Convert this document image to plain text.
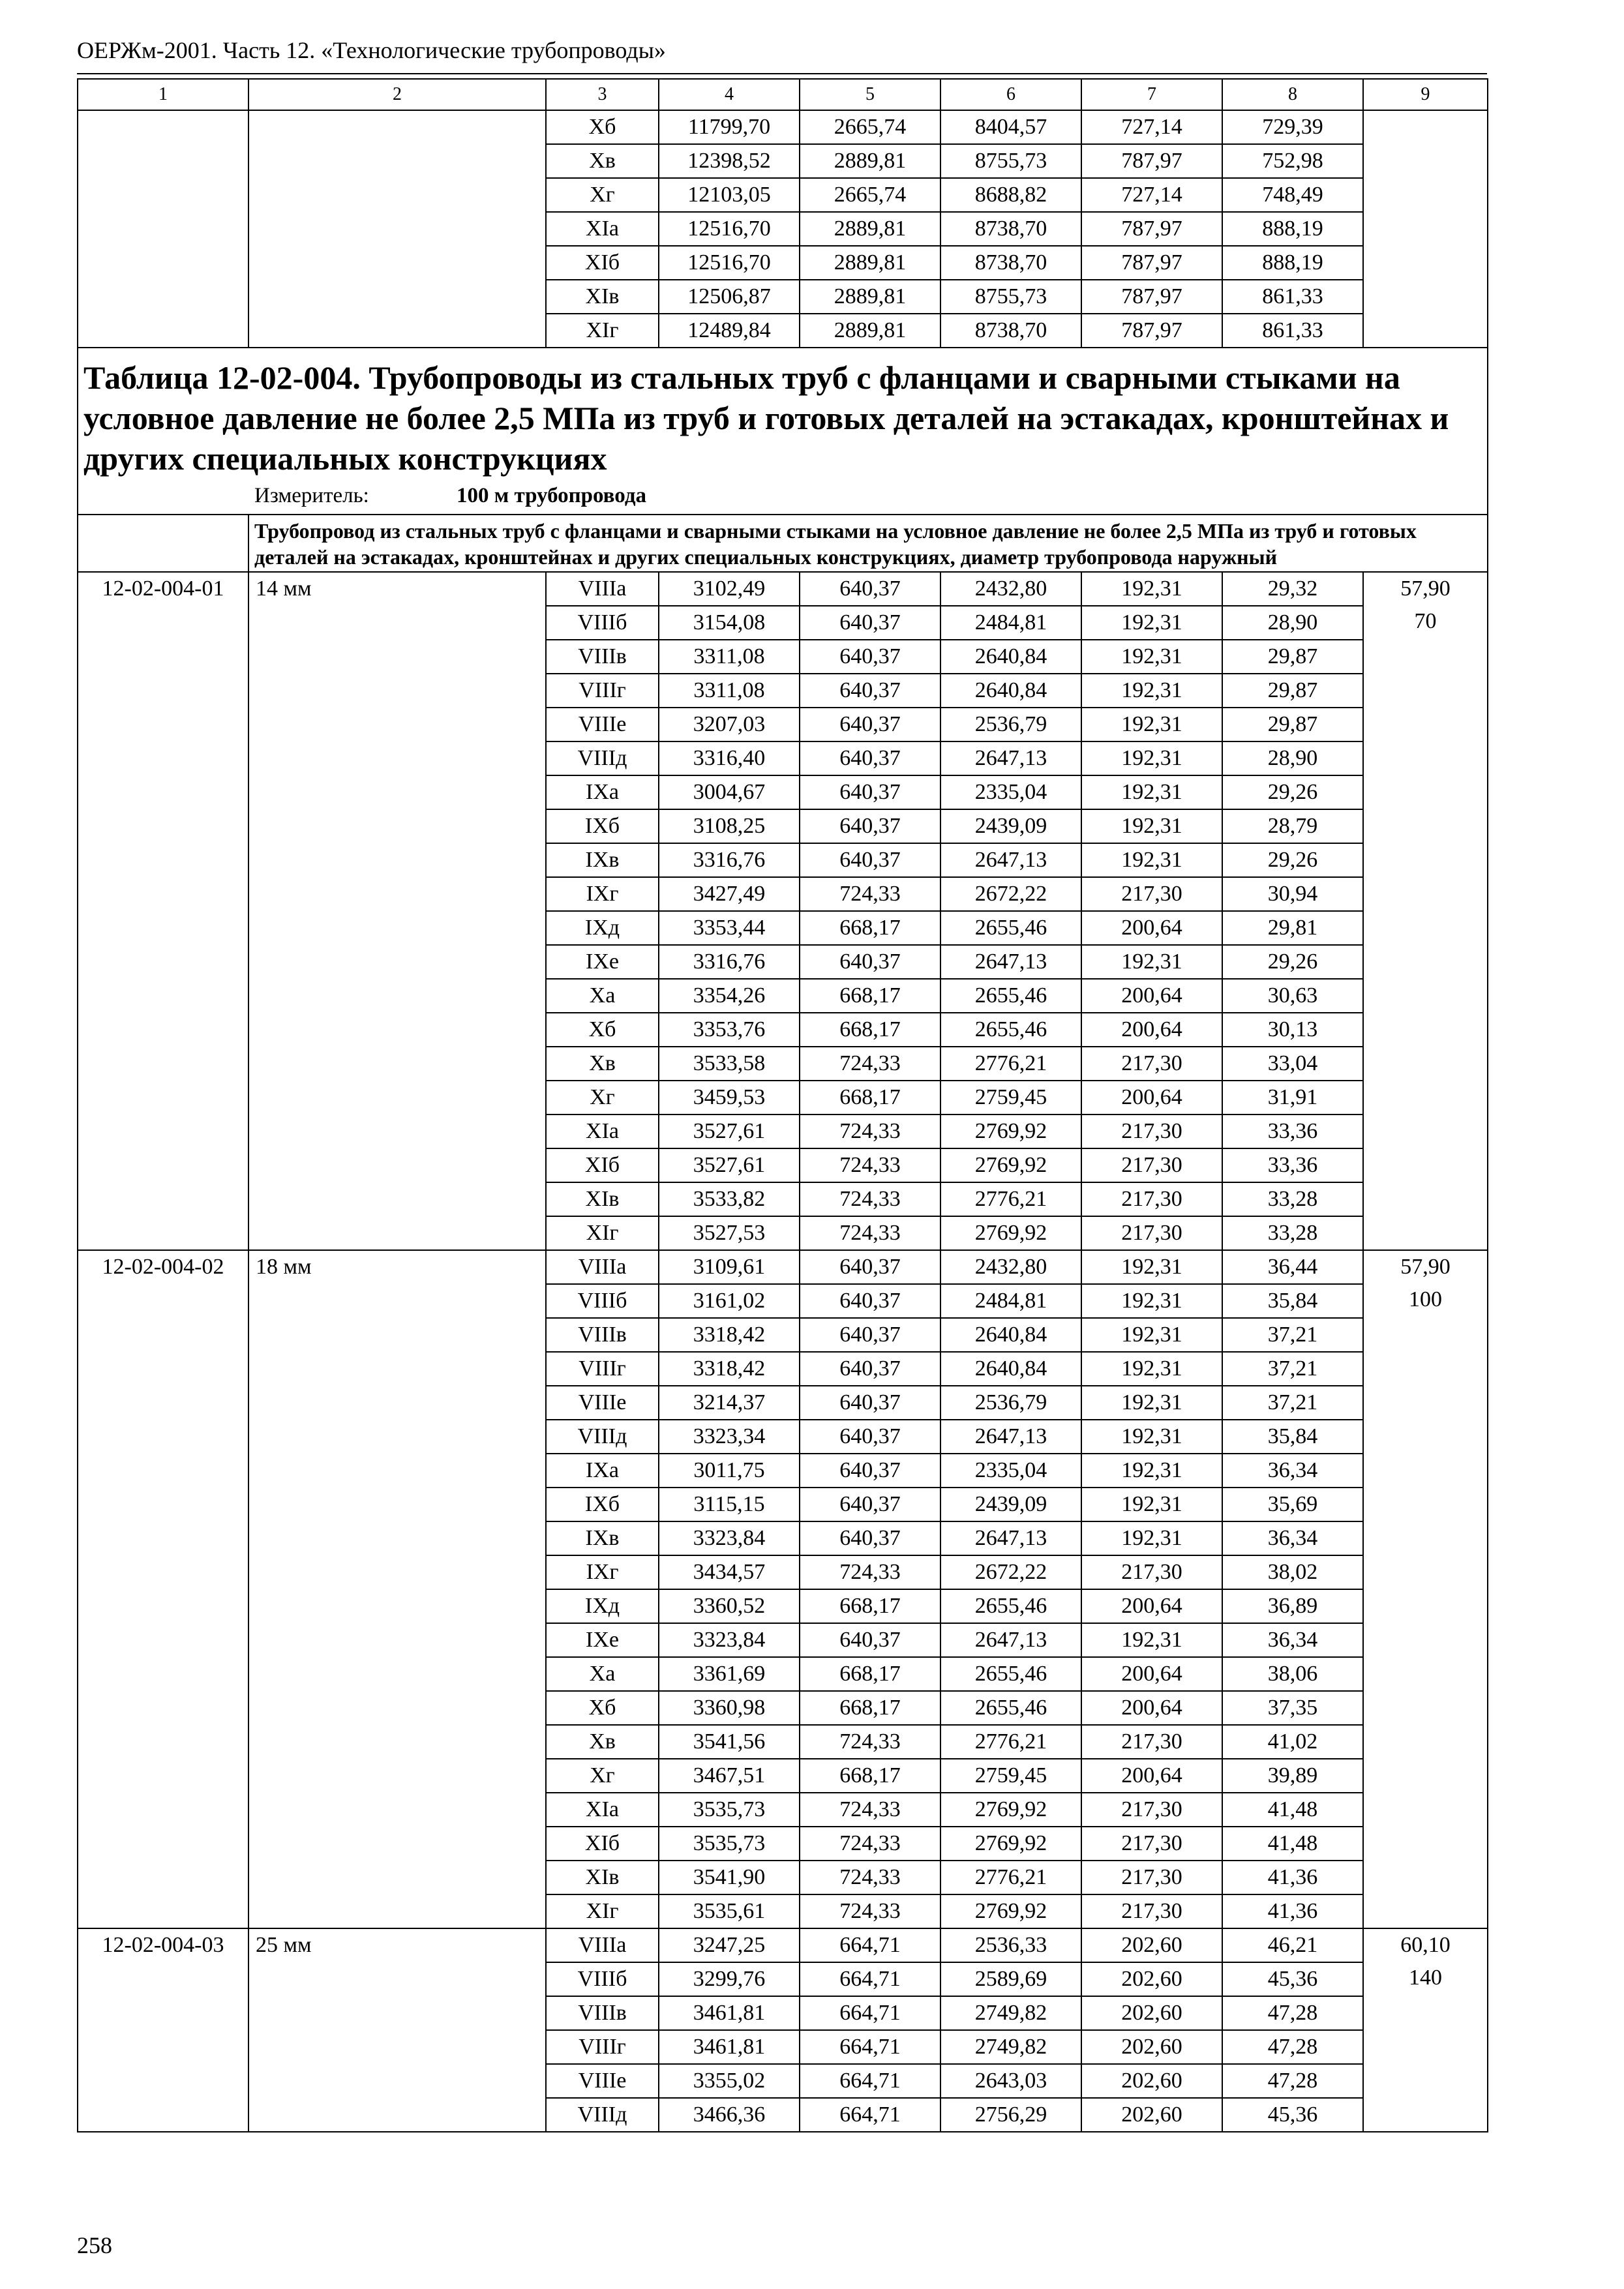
ОЕРЖм-2001. Часть 12. «Технологические трубопроводы»
1	2	3	4	5	6	7	8	9
		Xб	11799,70	2665,74	8404,57	727,14	729,39	
		Xв	12398,52	2889,81	8755,73	787,97	752,98	
		Xг	12103,05	2665,74	8688,82	727,14	748,49	
		XIа	12516,70	2889,81	8738,70	787,97	888,19	
		XIб	12516,70	2889,81	8738,70	787,97	888,19	
		XIв	12506,87	2889,81	8755,73	787,97	861,33	
		XIг	12489,84	2889,81	8738,70	787,97	861,33	

Таблица 12-02-004. Трубопроводы из стальных труб с фланцами и сварными стыками на условное давление не более 2,5 МПа из труб и готовых деталей на эстакадах, кронштейнах и других специальных конструкциях
Измеритель: 100 м трубопровода								

	Трубопровод из стальных труб с фланцами и сварными стыками на условное давление не более 2,5 МПа из труб и готовых деталей на эстакадах, кронштейнах и других специальных конструкциях, диаметр трубопровода наружный							
12-02-004-01	14 мм	VIIIа	3102,49	640,37	2432,80	192,31	29,32	57,90
70

		VIIIб	3154,08	640,37	2484,81	192,31	28,90	
		VIIIв	3311,08	640,37	2640,84	192,31	29,87	
		VIIIг	3311,08	640,37	2640,84	192,31	29,87	
		VIIIе	3207,03	640,37	2536,79	192,31	29,87	
		VIIIд	3316,40	640,37	2647,13	192,31	28,90	
		IXа	3004,67	640,37	2335,04	192,31	29,26	
		IXб	3108,25	640,37	2439,09	192,31	28,79	
		IXв	3316,76	640,37	2647,13	192,31	29,26	
		IXг	3427,49	724,33	2672,22	217,30	30,94	
		IXд	3353,44	668,17	2655,46	200,64	29,81	
		IXе	3316,76	640,37	2647,13	192,31	29,26	
		Xа	3354,26	668,17	2655,46	200,64	30,63	
		Xб	3353,76	668,17	2655,46	200,64	30,13	
		Xв	3533,58	724,33	2776,21	217,30	33,04	
		Xг	3459,53	668,17	2759,45	200,64	31,91	
		XIа	3527,61	724,33	2769,92	217,30	33,36	
		XIб	3527,61	724,33	2769,92	217,30	33,36	
		XIв	3533,82	724,33	2776,21	217,30	33,28	
		XIг	3527,53	724,33	2769,92	217,30	33,28	
12-02-004-02	18 мм	VIIIа	3109,61	640,37	2432,80	192,31	36,44	57,90
100

		VIIIб	3161,02	640,37	2484,81	192,31	35,84	
		VIIIв	3318,42	640,37	2640,84	192,31	37,21	
		VIIIг	3318,42	640,37	2640,84	192,31	37,21	
		VIIIе	3214,37	640,37	2536,79	192,31	37,21	
		VIIIд	3323,34	640,37	2647,13	192,31	35,84	
		IXа	3011,75	640,37	2335,04	192,31	36,34	
		IXб	3115,15	640,37	2439,09	192,31	35,69	
		IXв	3323,84	640,37	2647,13	192,31	36,34	
		IXг	3434,57	724,33	2672,22	217,30	38,02	
		IXд	3360,52	668,17	2655,46	200,64	36,89	
		IXе	3323,84	640,37	2647,13	192,31	36,34	
		Xа	3361,69	668,17	2655,46	200,64	38,06	
		Xб	3360,98	668,17	2655,46	200,64	37,35	
		Xв	3541,56	724,33	2776,21	217,30	41,02	
		Xг	3467,51	668,17	2759,45	200,64	39,89	
		XIа	3535,73	724,33	2769,92	217,30	41,48	
		XIб	3535,73	724,33	2769,92	217,30	41,48	
		XIв	3541,90	724,33	2776,21	217,30	41,36	
		XIг	3535,61	724,33	2769,92	217,30	41,36	
12-02-004-03	25 мм	VIIIа	3247,25	664,71	2536,33	202,60	46,21	60,10
140

		VIIIб	3299,76	664,71	2589,69	202,60	45,36	
		VIIIв	3461,81	664,71	2749,82	202,60	47,28	
		VIIIг	3461,81	664,71	2749,82	202,60	47,28	
		VIIIе	3355,02	664,71	2643,03	202,60	47,28	
		VIIIд	3466,36	664,71	2756,29	202,60	45,36	
258
